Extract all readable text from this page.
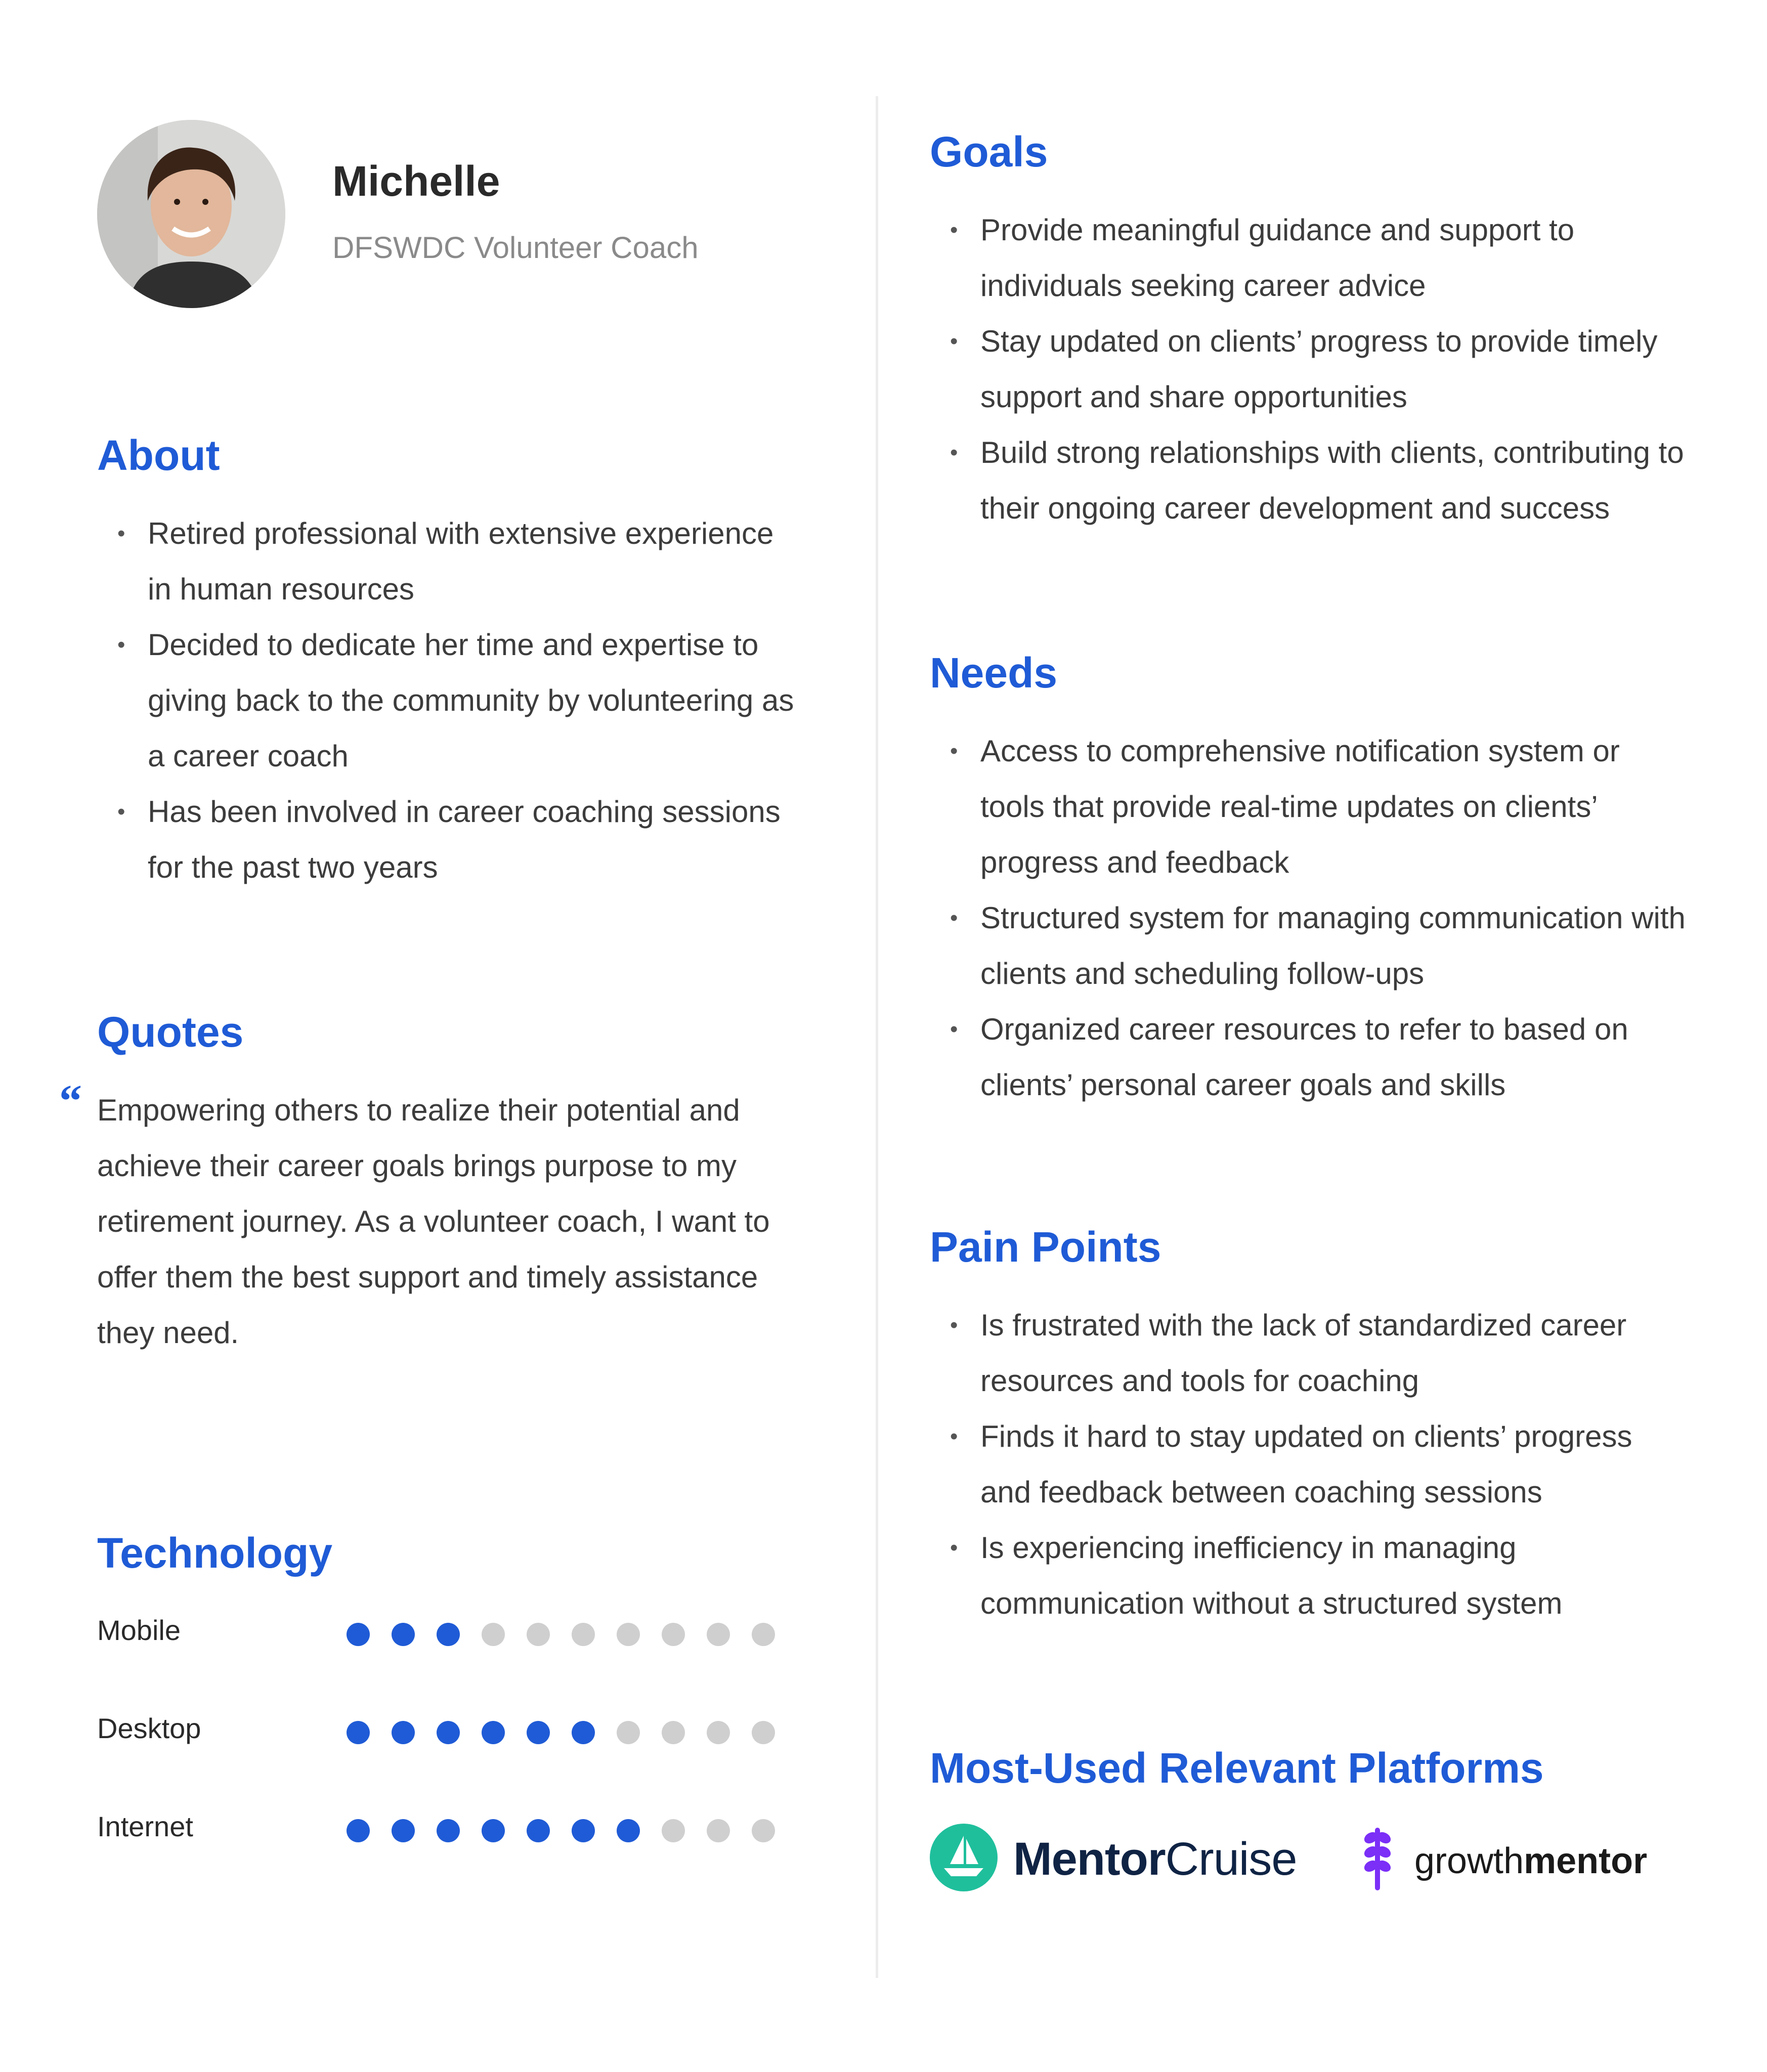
Michelle
DFSWDC Volunteer Coach
About
• Retired professional with extensive experience in human resources
• Decided to dedicate her time and expertise to giving back to the community by volunteering as a career coach
• Has been involved in career coaching sessions for the past two years
Quotes
“ Empowering others to realize their potential and achieve their career goals brings purpose to my retirement journey. As a volunteer coach, I want to offer them the best support and timely assistance they need.
Technology
Mobile
Desktop
Internet
Goals
• Provide meaningful guidance and support to individuals seeking career advice
• Stay updated on clients’ progress to provide timely support and share opportunities
• Build strong relationships with clients, contributing to their ongoing career development and success
Needs
• Access to comprehensive notification system or tools that provide real-time updates on clients’ progress and feedback
• Structured system for managing communication with clients and scheduling follow-ups
• Organized career resources to refer to based on clients’ personal career goals and skills
Pain Points
• Is frustrated with the lack of standardized career resources and tools for coaching
• Finds it hard to stay updated on clients’ progress and feedback between coaching sessions
• Is experiencing inefficiency in managing communication without a structured system
Most-Used Relevant Platforms
MentorCruise	growthmentor
